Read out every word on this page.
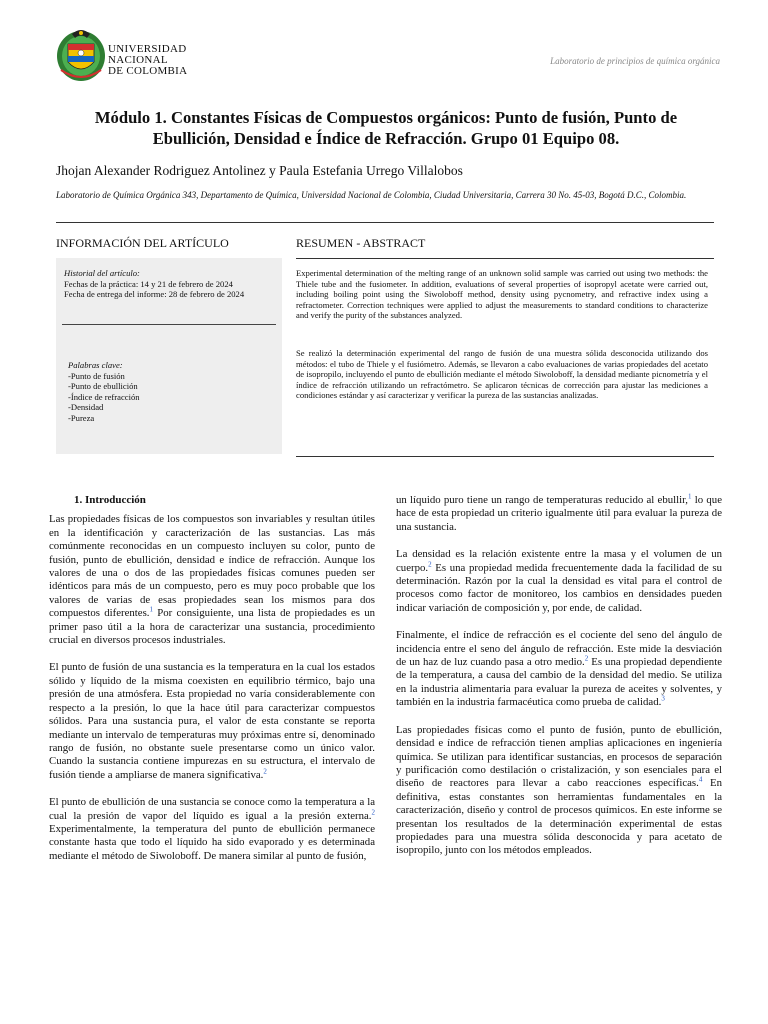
UNIVERSIDAD
NACIONAL
DE COLOMBIA
Laboratorio de principios de química orgánica
Módulo 1. Constantes Físicas de Compuestos orgánicos: Punto de fusión, Punto de Ebullición, Densidad e Índice de Refracción. Grupo 01 Equipo 08.
Jhojan Alexander Rodriguez Antolinez y Paula Estefania Urrego Villalobos
Laboratorio de Química Orgánica 343, Departamento de Química, Universidad Nacional de Colombia, Ciudad Universitaria, Carrera 30 No. 45-03, Bogotá D.C., Colombia.
INFORMACIÓN DEL ARTÍCULO	RESUMEN - ABSTRACT
Historial del artículo:
Fechas de la práctica: 14 y 21 de febrero de 2024
Fecha de entrega del informe: 28 de febrero de 2024
Palabras clave:
-Punto de fusión
-Punto de ebullición
-Índice de refracción
-Densidad
-Pureza
Experimental determination of the melting range of an unknown solid sample was carried out using two methods: the Thiele tube and the fusiometer. In addition, evaluations of several properties of isopropyl acetate were carried out, including boiling point using the Siwoloboff method, density using pycnometry, and refractive index using a refractometer. Correction techniques were applied to adjust the measurements to standard conditions to characterize and verify the purity of the substances analyzed.
Se realizó la determinación experimental del rango de fusión de una muestra sólida desconocida utilizando dos métodos: el tubo de Thiele y el fusiómetro. Además, se llevaron a cabo evaluaciones de varias propiedades del acetato de isopropilo, incluyendo el punto de ebullición mediante el método Siwoloboff, la densidad mediante picnometría y el índice de refracción utilizando un refractómetro. Se aplicaron técnicas de corrección para ajustar las mediciones a condiciones estándar y así caracterizar y verificar la pureza de las sustancias analizadas.

1. Introducción

Las propiedades físicas de los compuestos son invariables y resultan útiles en la identificación y caracterización de las sustancias. Las más comúnmente reconocidas en un compuesto incluyen su color, punto de fusión, punto de ebullición, densidad e índice de refracción. Aunque los valores de una o dos de las propiedades físicas comunes pueden ser idénticos para más de un compuesto, pero es muy poco probable que los valores de varias de esas propiedades sean los mismos para dos compuestos diferentes.$^1$ Por consiguiente, una lista de propiedades es un primer paso útil a la hora de caracterizar una sustancia, procedimiento crucial en diversos procesos industriales.

El punto de fusión de una sustancia es la temperatura en la cual los estados sólido y líquido de la misma coexisten en equilibrio térmico, bajo una presión de una atmósfera. Esta propiedad no varía considerablemente con respecto a la presión, lo que la hace útil para caracterizar compuestos sólidos. Para una sustancia pura, el valor de esta constante se reporta mediante un intervalo de temperaturas muy próximas entre sí, denominado rango de fusión, no obstante suele presentarse como un único valor. Cuando la sustancia contiene impurezas en su estructura, el intervalo de fusión tiende a ampliarse de manera significativa.$^2$

El punto de ebullición de una sustancia se conoce como la temperatura a la cual la presión de vapor del líquido es igual a la presión externa.$^2$ Experimentalmente, la temperatura del punto de ebullición permanece constante hasta que todo el líquido ha sido evaporado y es determinada mediante el método de Siwoloboff. De manera similar al punto de fusión,

un líquido puro tiene un rango de temperaturas reducido al ebullir,$^1$ lo que hace de esta propiedad un criterio igualmente útil para evaluar la pureza de una sustancia.

La densidad es la relación existente entre la masa y el volumen de un cuerpo.$^2$ Es una propiedad medida frecuentemente dada la facilidad de su determinación. Razón por la cual la densidad es vital para el control de procesos como factor de monitoreo, los cambios en densidades pueden indicar variación de composición y, por ende, de calidad.

Finalmente, el índice de refracción es el cociente del seno del ángulo de incidencia entre el seno del ángulo de refracción. Este mide la desviación de un haz de luz cuando pasa a otro medio.$^2$ Es una propiedad dependiente de la temperatura, a causa del cambio de la densidad del medio. Se utiliza en la industria alimentaria para evaluar la pureza de aceites y solventes, y también en la industria farmacéutica como prueba de calidad.$^3$

Las propiedades físicas como el punto de fusión, punto de ebullición, densidad e índice de refracción tienen amplias aplicaciones en ingeniería química. Se utilizan para identificar sustancias, en procesos de separación y purificación como destilación o cristalización, y son esenciales para el diseño de reactores para llevar a cabo reacciones específicas.$^4$ En definitiva, estas constantes son herramientas fundamentales en la caracterización, diseño y control de procesos químicos. En este informe se presentan los resultados de la determinación experimental de estas propiedades para una muestra sólida desconocida y para acetato de isopropilo, junto con los métodos empleados.
